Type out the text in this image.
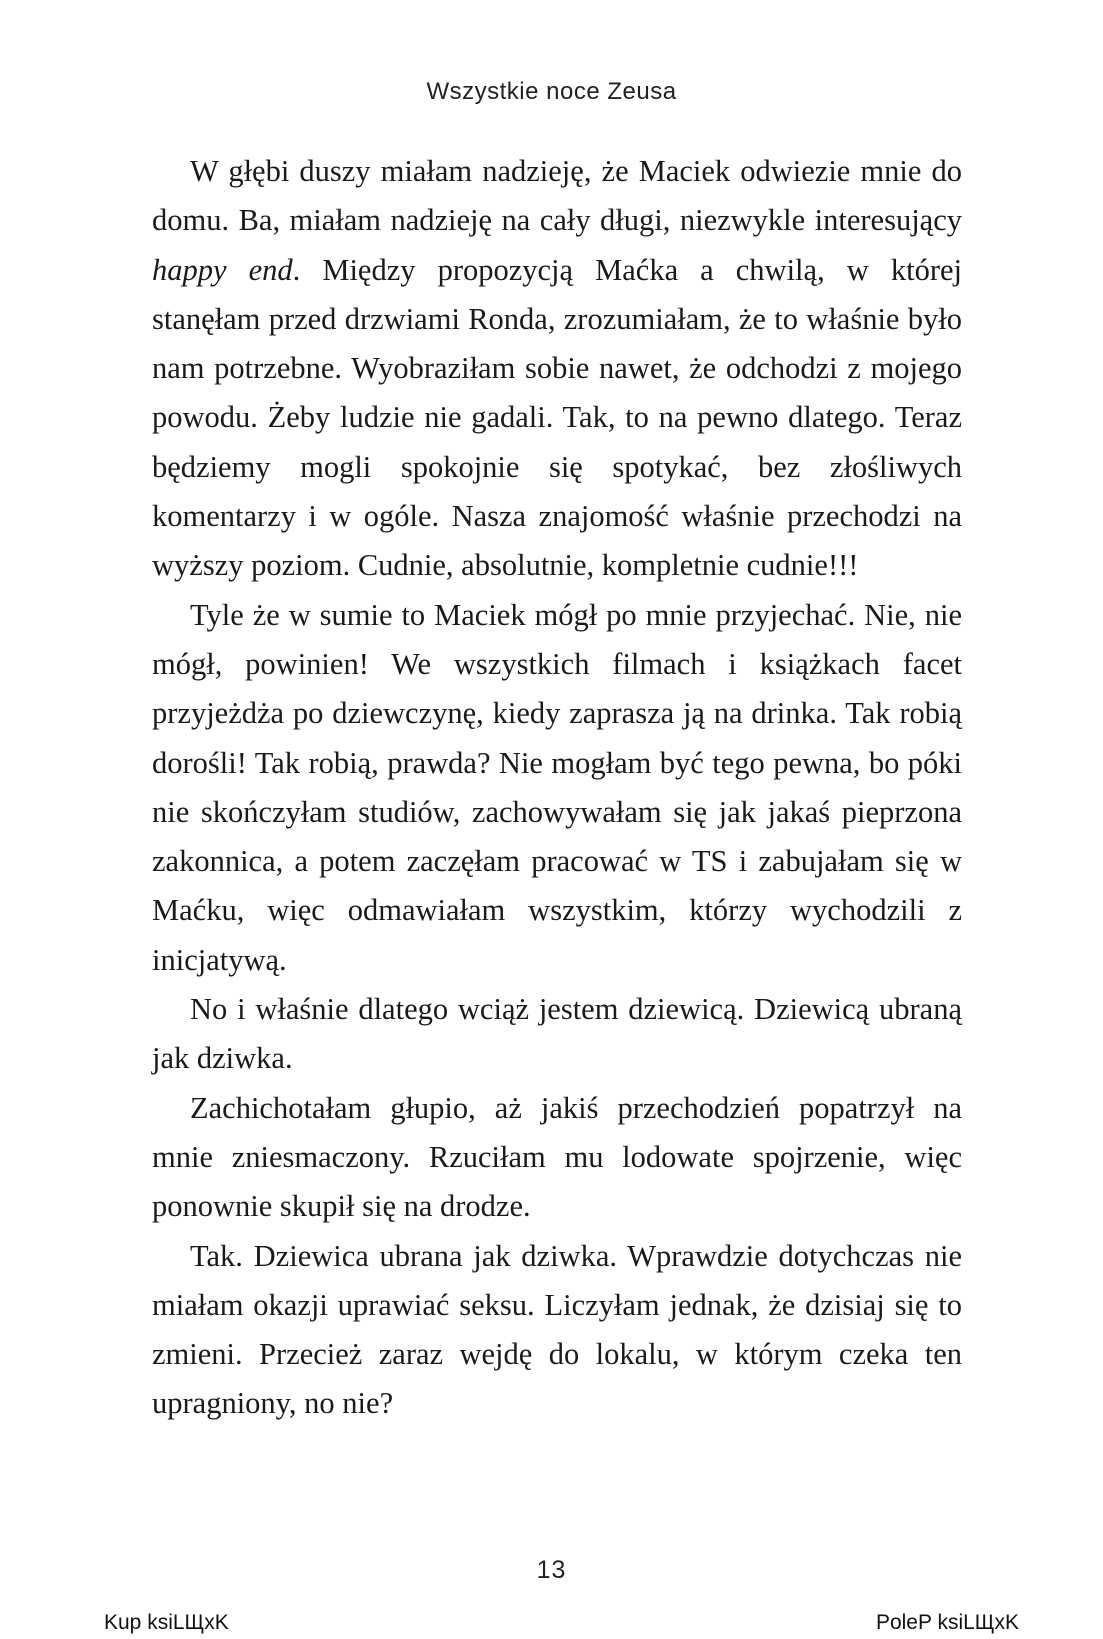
Wszystkie noce Zeusa

W głębi duszy miałam nadzieję, że Maciek odwiezie mnie do domu. Ba, miałam nadzieję na cały długi, niezwykle interesujący happy end. Między propozycją Maćka a chwilą, w której stanęłam przed drzwiami Ronda, zrozumiałam, że to właśnie było nam potrzebne. Wyobraziłam sobie nawet, że odchodzi z mojego powodu. Żeby ludzie nie gadali. Tak, to na pewno dlatego. Teraz będziemy mogli spokojnie się spotykać, bez złośliwych komentarzy i w ogóle. Nasza znajomość właśnie przechodzi na wyższy poziom. Cudnie, absolutnie, kompletnie cudnie!!!

Tyle że w sumie to Maciek mógł po mnie przyjechać. Nie, nie mógł, powinien! We wszystkich filmach i książkach facet przyjeżdża po dziewczynę, kiedy zaprasza ją na drinka. Tak robią dorośli! Tak robią, prawda? Nie mogłam być tego pewna, bo póki nie skończyłam studiów, zachowywałam się jak jakaś pieprzona zakonnica, a potem zaczęłam pracować w TS i zabujałam się w Maćku, więc odmawiałam wszystkim, którzy wychodzili z inicjatywą.

No i właśnie dlatego wciąż jestem dziewicą. Dziewicą ubraną jak dziwka.

Zachichotałam głupio, aż jakiś przechodzień popatrzył na mnie zniesmaczony. Rzuciłam mu lodowate spojrzenie, więc ponownie skupił się na drodze.

Tak. Dziewica ubrana jak dziwka. Wprawdzie dotychczas nie miałam okazji uprawiać seksu. Liczyłam jednak, że dzisiaj się to zmieni. Przecież zaraz wejdę do lokalu, w którym czeka ten upragniony, no nie?

13
Kup ksiLЩxK	PoleP ksiLЩxK
